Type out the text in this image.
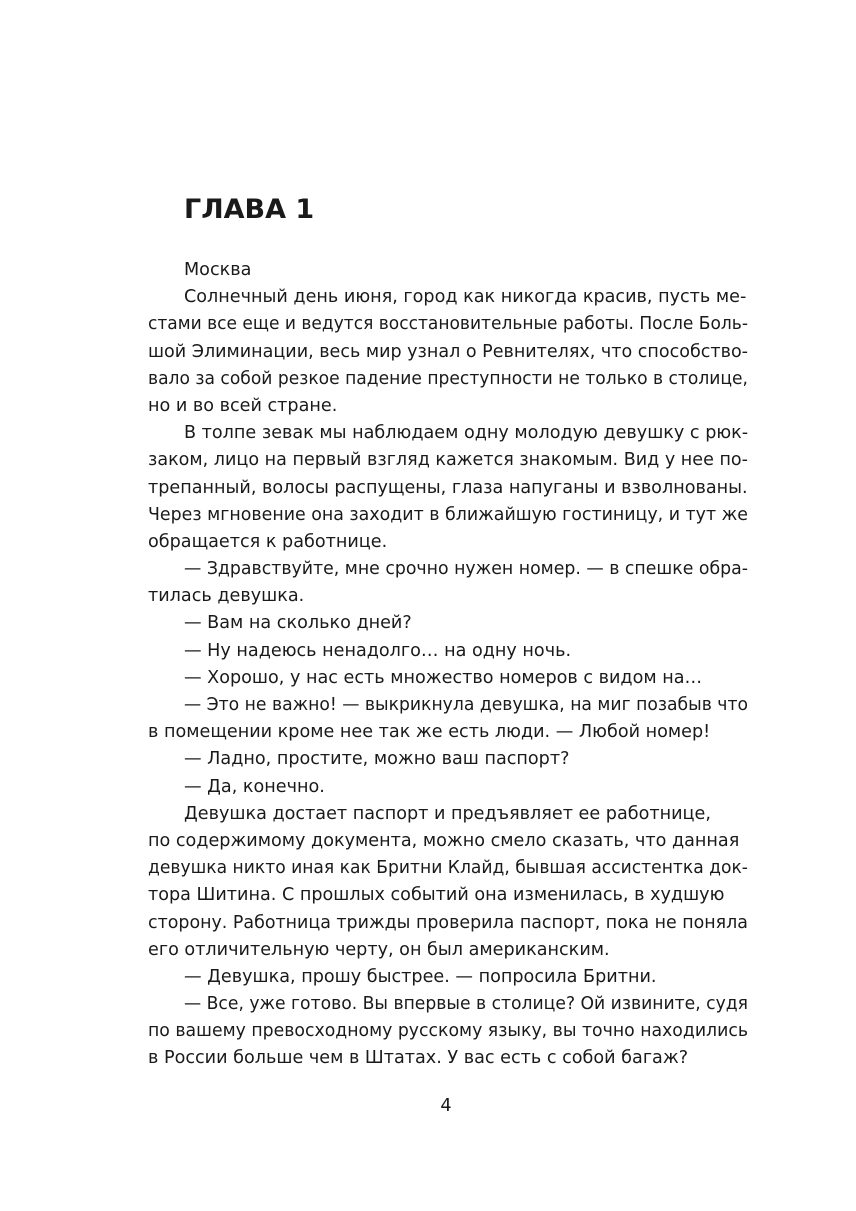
ГЛАВА 1
Москва
Солнечный день июня, город как никогда красив, пусть ме-
стами все еще и ведутся восстановительные работы. После Боль-
шой Элиминации, весь мир узнал о Ревнителях, что способство-
вало за собой резкое падение преступности не только в столице,
но и во всей стране.
В толпе зевак мы наблюдаем одну молодую девушку с рюк-
заком, лицо на первый взгляд кажется знакомым. Вид у нее по-
трепанный, волосы распущены, глаза напуганы и взволнованы.
Через мгновение она заходит в ближайшую гостиницу, и тут же
обращается к работнице.
— Здравствуйте, мне срочно нужен номер. — в спешке обра-
тилась девушка.
— Вам на сколько дней?
— Ну надеюсь ненадолго… на одну ночь.
— Хорошо, у нас есть множество номеров с видом на…
— Это не важно! — выкрикнула девушка, на миг позабыв что
в помещении кроме нее так же есть люди. — Любой номер!
— Ладно, простите, можно ваш паспорт?
— Да, конечно.
Девушка достает паспорт и предъявляет ее работнице,
по содержимому документа, можно смело сказать, что данная
девушка никто иная как Бритни Клайд, бывшая ассистентка док-
тора Шитина. С прошлых событий она изменилась, в худшую
сторону. Работница трижды проверила паспорт, пока не поняла
его отличительную черту, он был американским.
— Девушка, прошу быстрее. — попросила Бритни.
— Все, уже готово. Вы впервые в столице? Ой извините, судя
по вашему превосходному русскому языку, вы точно находились
в России больше чем в Штатах. У вас есть с собой багаж?
4
